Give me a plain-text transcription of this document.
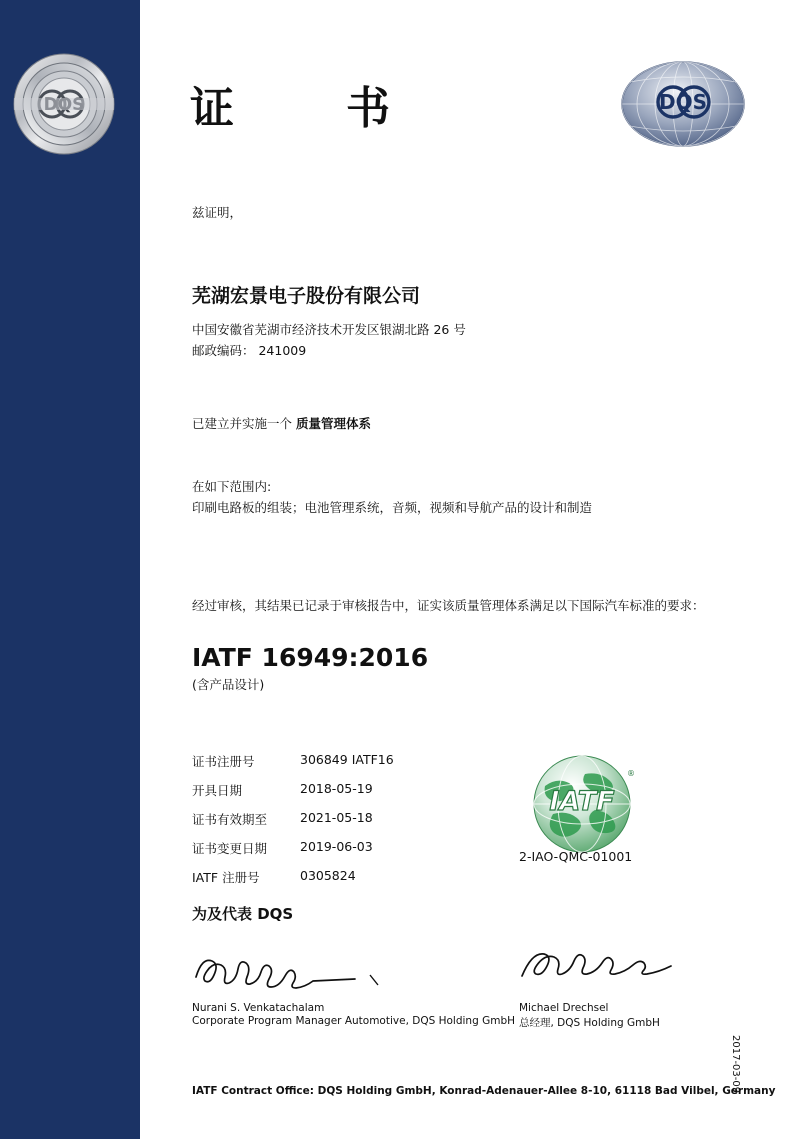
证　书	DQS
兹证明，
芜湖宏景电子股份有限公司
中国安徽省芜湖市经济技术开发区银湖北路 26 号
邮政编码： 241009
已建立并实施一个 质量管理体系
在如下范围内:
印刷电路板的组装；电池管理系统，音频，视频和导航产品的设计和制造
经过审核，其结果已记录于审核报告中，证实该质量管理体系满足以下国际汽车标准的要求：
IATF 16949:2016
(含产品设计)
证书注册号	306849 IATF16
开具日期	2018-05-19
证书有效期至	2021-05-18
证书变更日期	2019-06-03
IATF 注册号	0305824
IATF
®
2-IAO-QMC-01001
为及代表 DQS
Nurani S. Venkatachalam
Corporate Program Manager Automotive, DQS Holding GmbH
Michael Drechsel
总经理, DQS Holding GmbH
IATF Contract Office: DQS Holding GmbH, Konrad-Adenauer-Allee 8-10, 61118 Bad Vilbel, Germany
2017-03-09
